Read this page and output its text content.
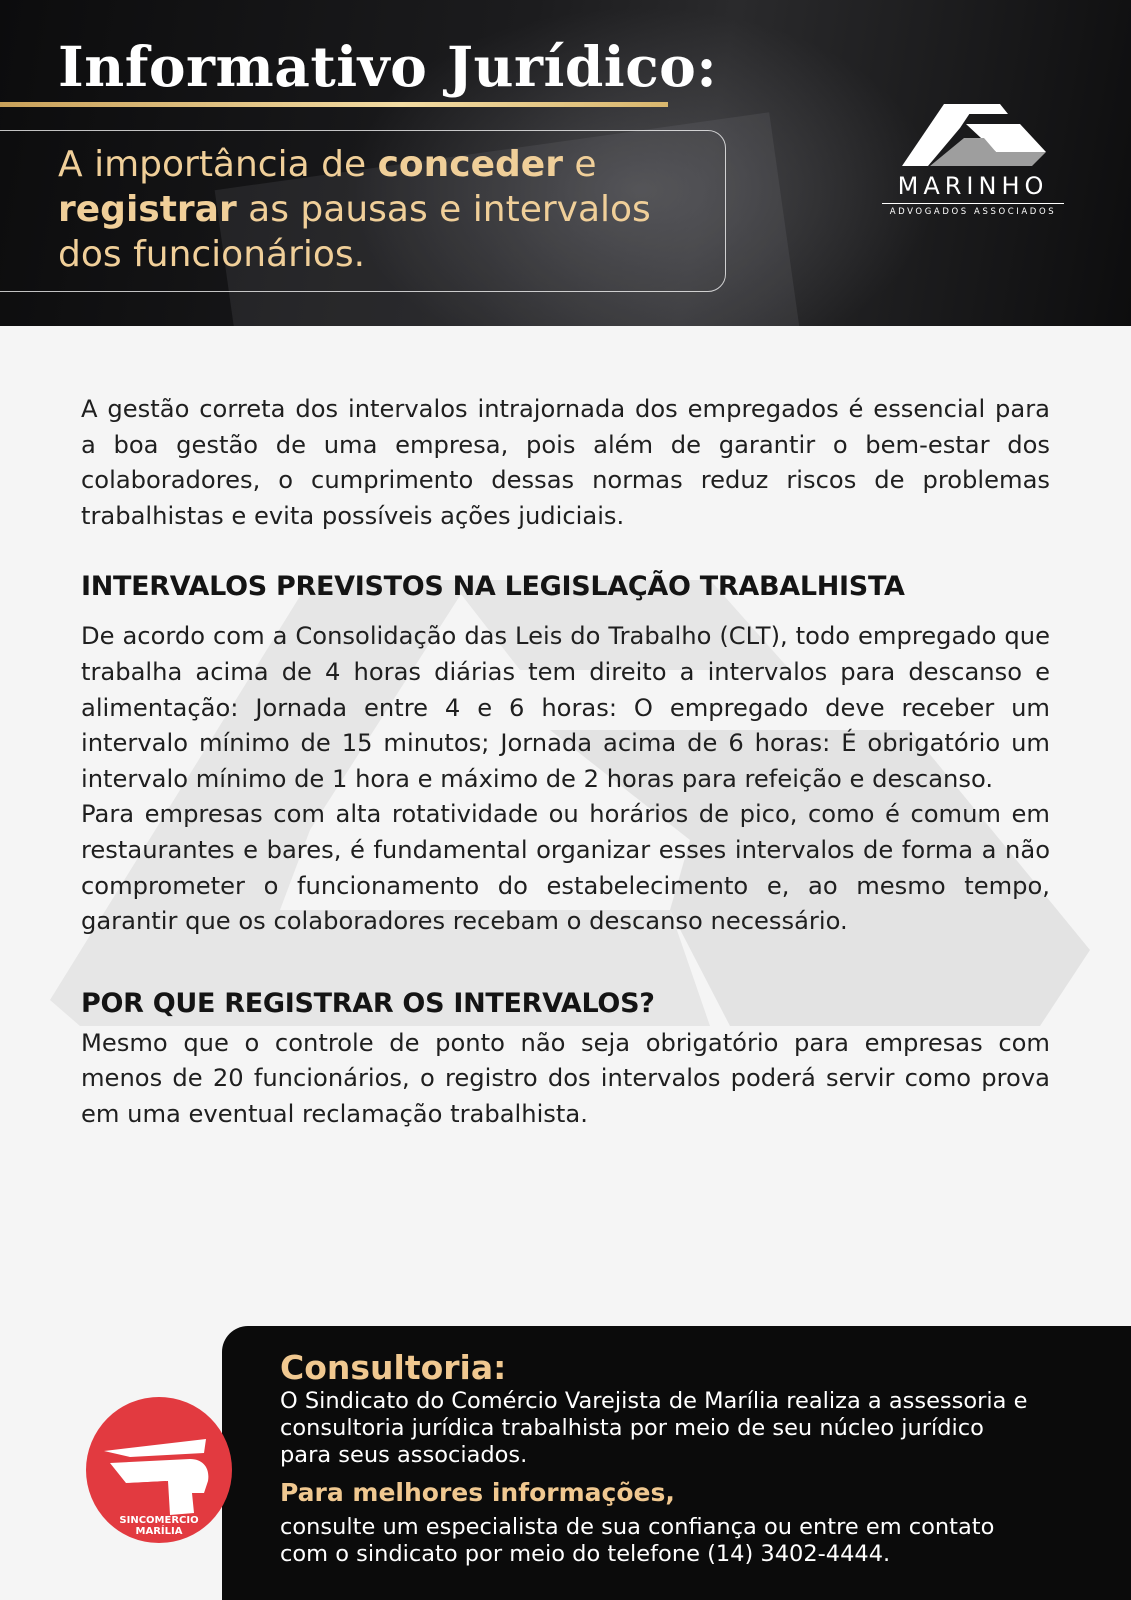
Informativo Jurídico:

A importância de conceder e registrar as pausas e intervalos dos funcionários.

MARINHO
ADVOGADOS ASSOCIADOS

A gestão correta dos intervalos intrajornada dos empregados é essencial para a boa gestão de uma empresa, pois além de garantir o bem-estar dos colaboradores, o cumprimento dessas normas reduz riscos de problemas trabalhistas e evita possíveis ações judiciais.

INTERVALOS PREVISTOS NA LEGISLAÇÃO TRABALHISTA

De acordo com a Consolidação das Leis do Trabalho (CLT), todo empregado que trabalha acima de 4 horas diárias tem direito a intervalos para descanso e alimentação: Jornada entre 4 e 6 horas: O empregado deve receber um intervalo mínimo de 15 minutos; Jornada acima de 6 horas: É obrigatório um intervalo mínimo de 1 hora e máximo de 2 horas para refeição e descanso.

Para empresas com alta rotatividade ou horários de pico, como é comum em restaurantes e bares, é fundamental organizar esses intervalos de forma a não comprometer o funcionamento do estabelecimento e, ao mesmo tempo, garantir que os colaboradores recebam o descanso necessário.

POR QUE REGISTRAR OS INTERVALOS?

Mesmo que o controle de ponto não seja obrigatório para empresas com menos de 20 funcionários, o registro dos intervalos poderá servir como prova em uma eventual reclamação trabalhista.

Consultoria:

O Sindicato do Comércio Varejista de Marília realiza a assessoria e consultoria jurídica trabalhista por meio de seu núcleo jurídico para seus associados.

Para melhores informações,

consulte um especialista de sua confiança ou entre em contato com o sindicato por meio do telefone (14) 3402-4444.

SINCOMERCIO
MARÍLIA
